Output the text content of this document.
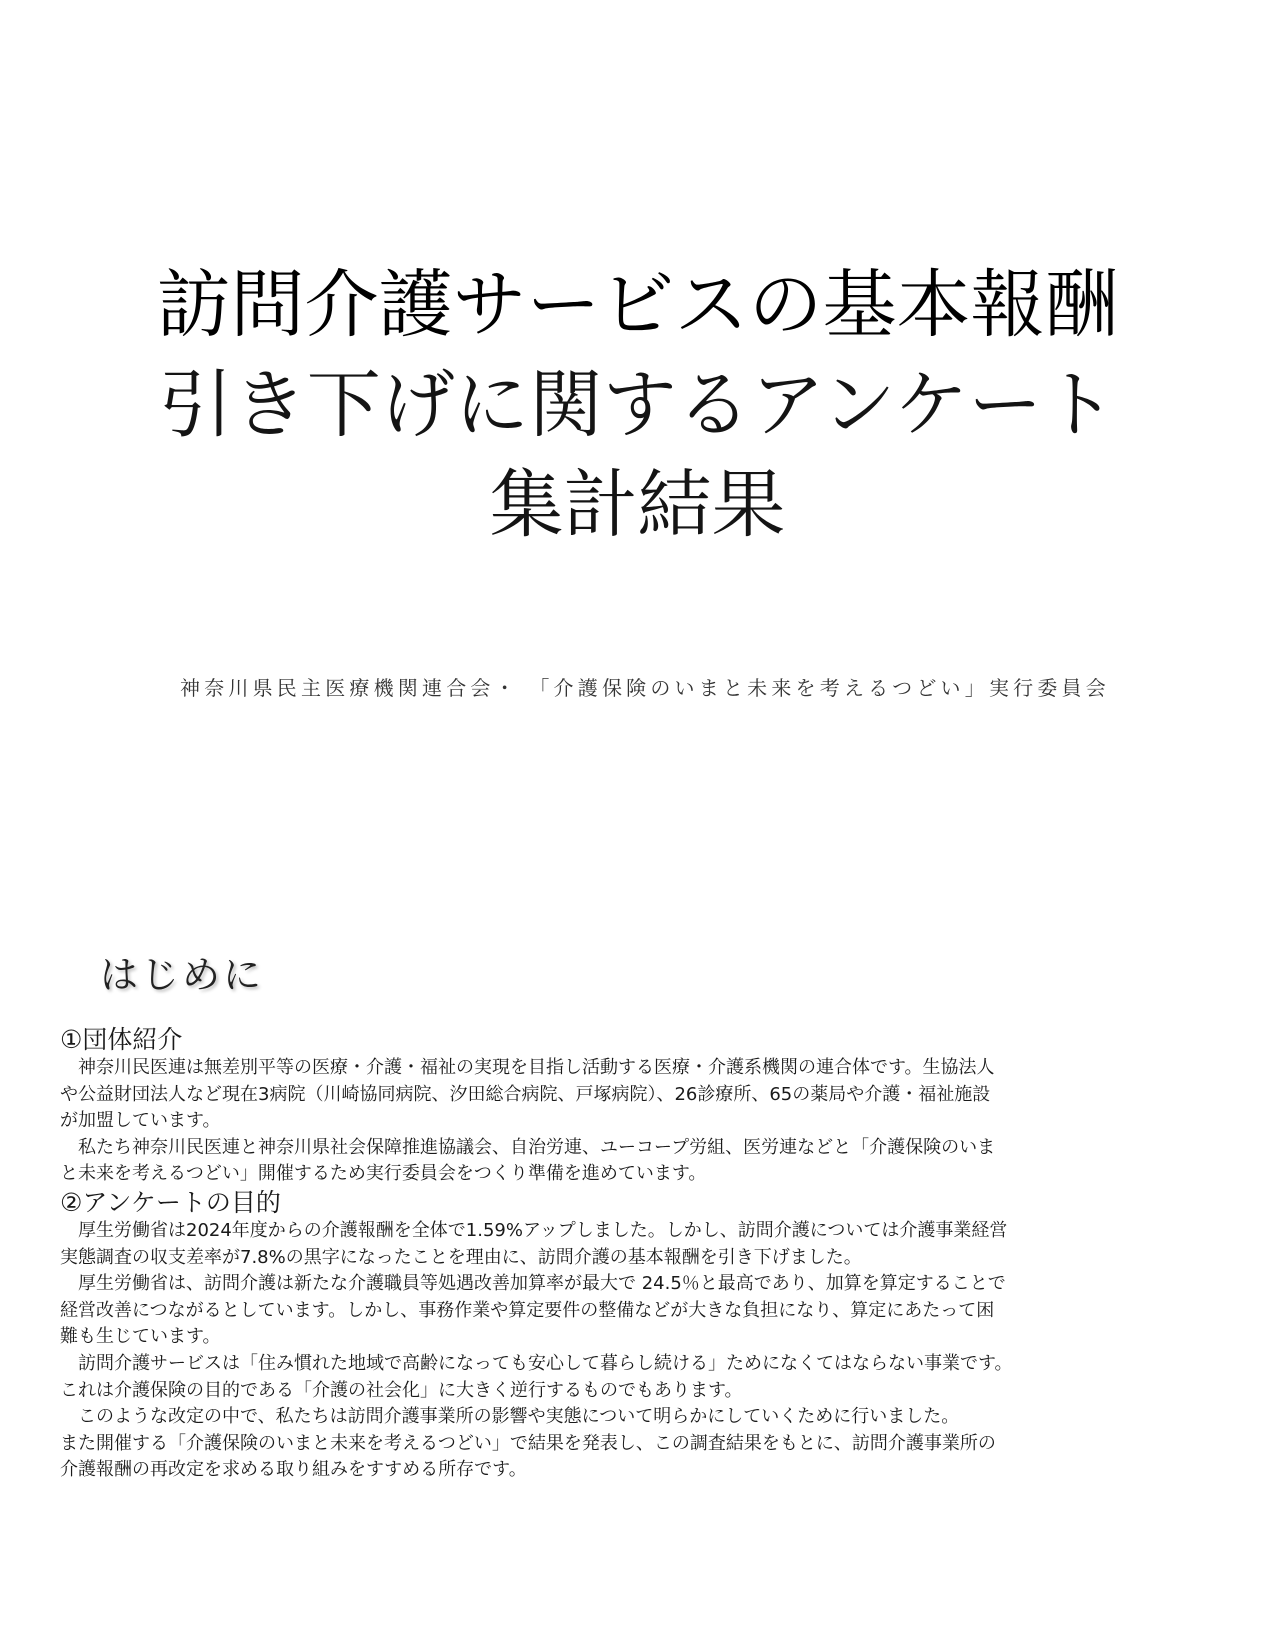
訪問介護サービスの基本報酬
引き下げに関するアンケート
集計結果
神奈川県民主医療機関連合会・ 「介護保険のいまと未来を考えるつどい」実行委員会
はじめに
①団体紹介
　神奈川民医連は無差別平等の医療・介護・福祉の実現を目指し活動する医療・介護系機関の連合体です。生協法人
や公益財団法人など現在3病院（川崎協同病院、汐田総合病院、戸塚病院）、26診療所、65の薬局や介護・福祉施設
が加盟しています。
　私たち神奈川民医連と神奈川県社会保障推進協議会、自治労連、ユーコープ労組、医労連などと「介護保険のいま
と未来を考えるつどい」開催するため実行委員会をつくり準備を進めています。
②アンケートの目的
　厚生労働省は2024年度からの介護報酬を全体で1.59%アップしました。しかし、訪問介護については介護事業経営
実態調査の収支差率が7.8%の黒字になったことを理由に、訪問介護の基本報酬を引き下げました。
　厚生労働省は、訪問介護は新たな介護職員等処遇改善加算率が最大で 24.5％と最高であり、加算を算定することで
経営改善につながるとしています。しかし、事務作業や算定要件の整備などが大きな負担になり、算定にあたって困
難も生じています。
　訪問介護サービスは「住み慣れた地域で高齢になっても安心して暮らし続ける」ためになくてはならない事業です。
これは介護保険の目的である「介護の社会化」に大きく逆行するものでもあります。
　このような改定の中で、私たちは訪問介護事業所の影響や実態について明らかにしていくために行いました。
また開催する「介護保険のいまと未来を考えるつどい」で結果を発表し、この調査結果をもとに、訪問介護事業所の
介護報酬の再改定を求める取り組みをすすめる所存です。
